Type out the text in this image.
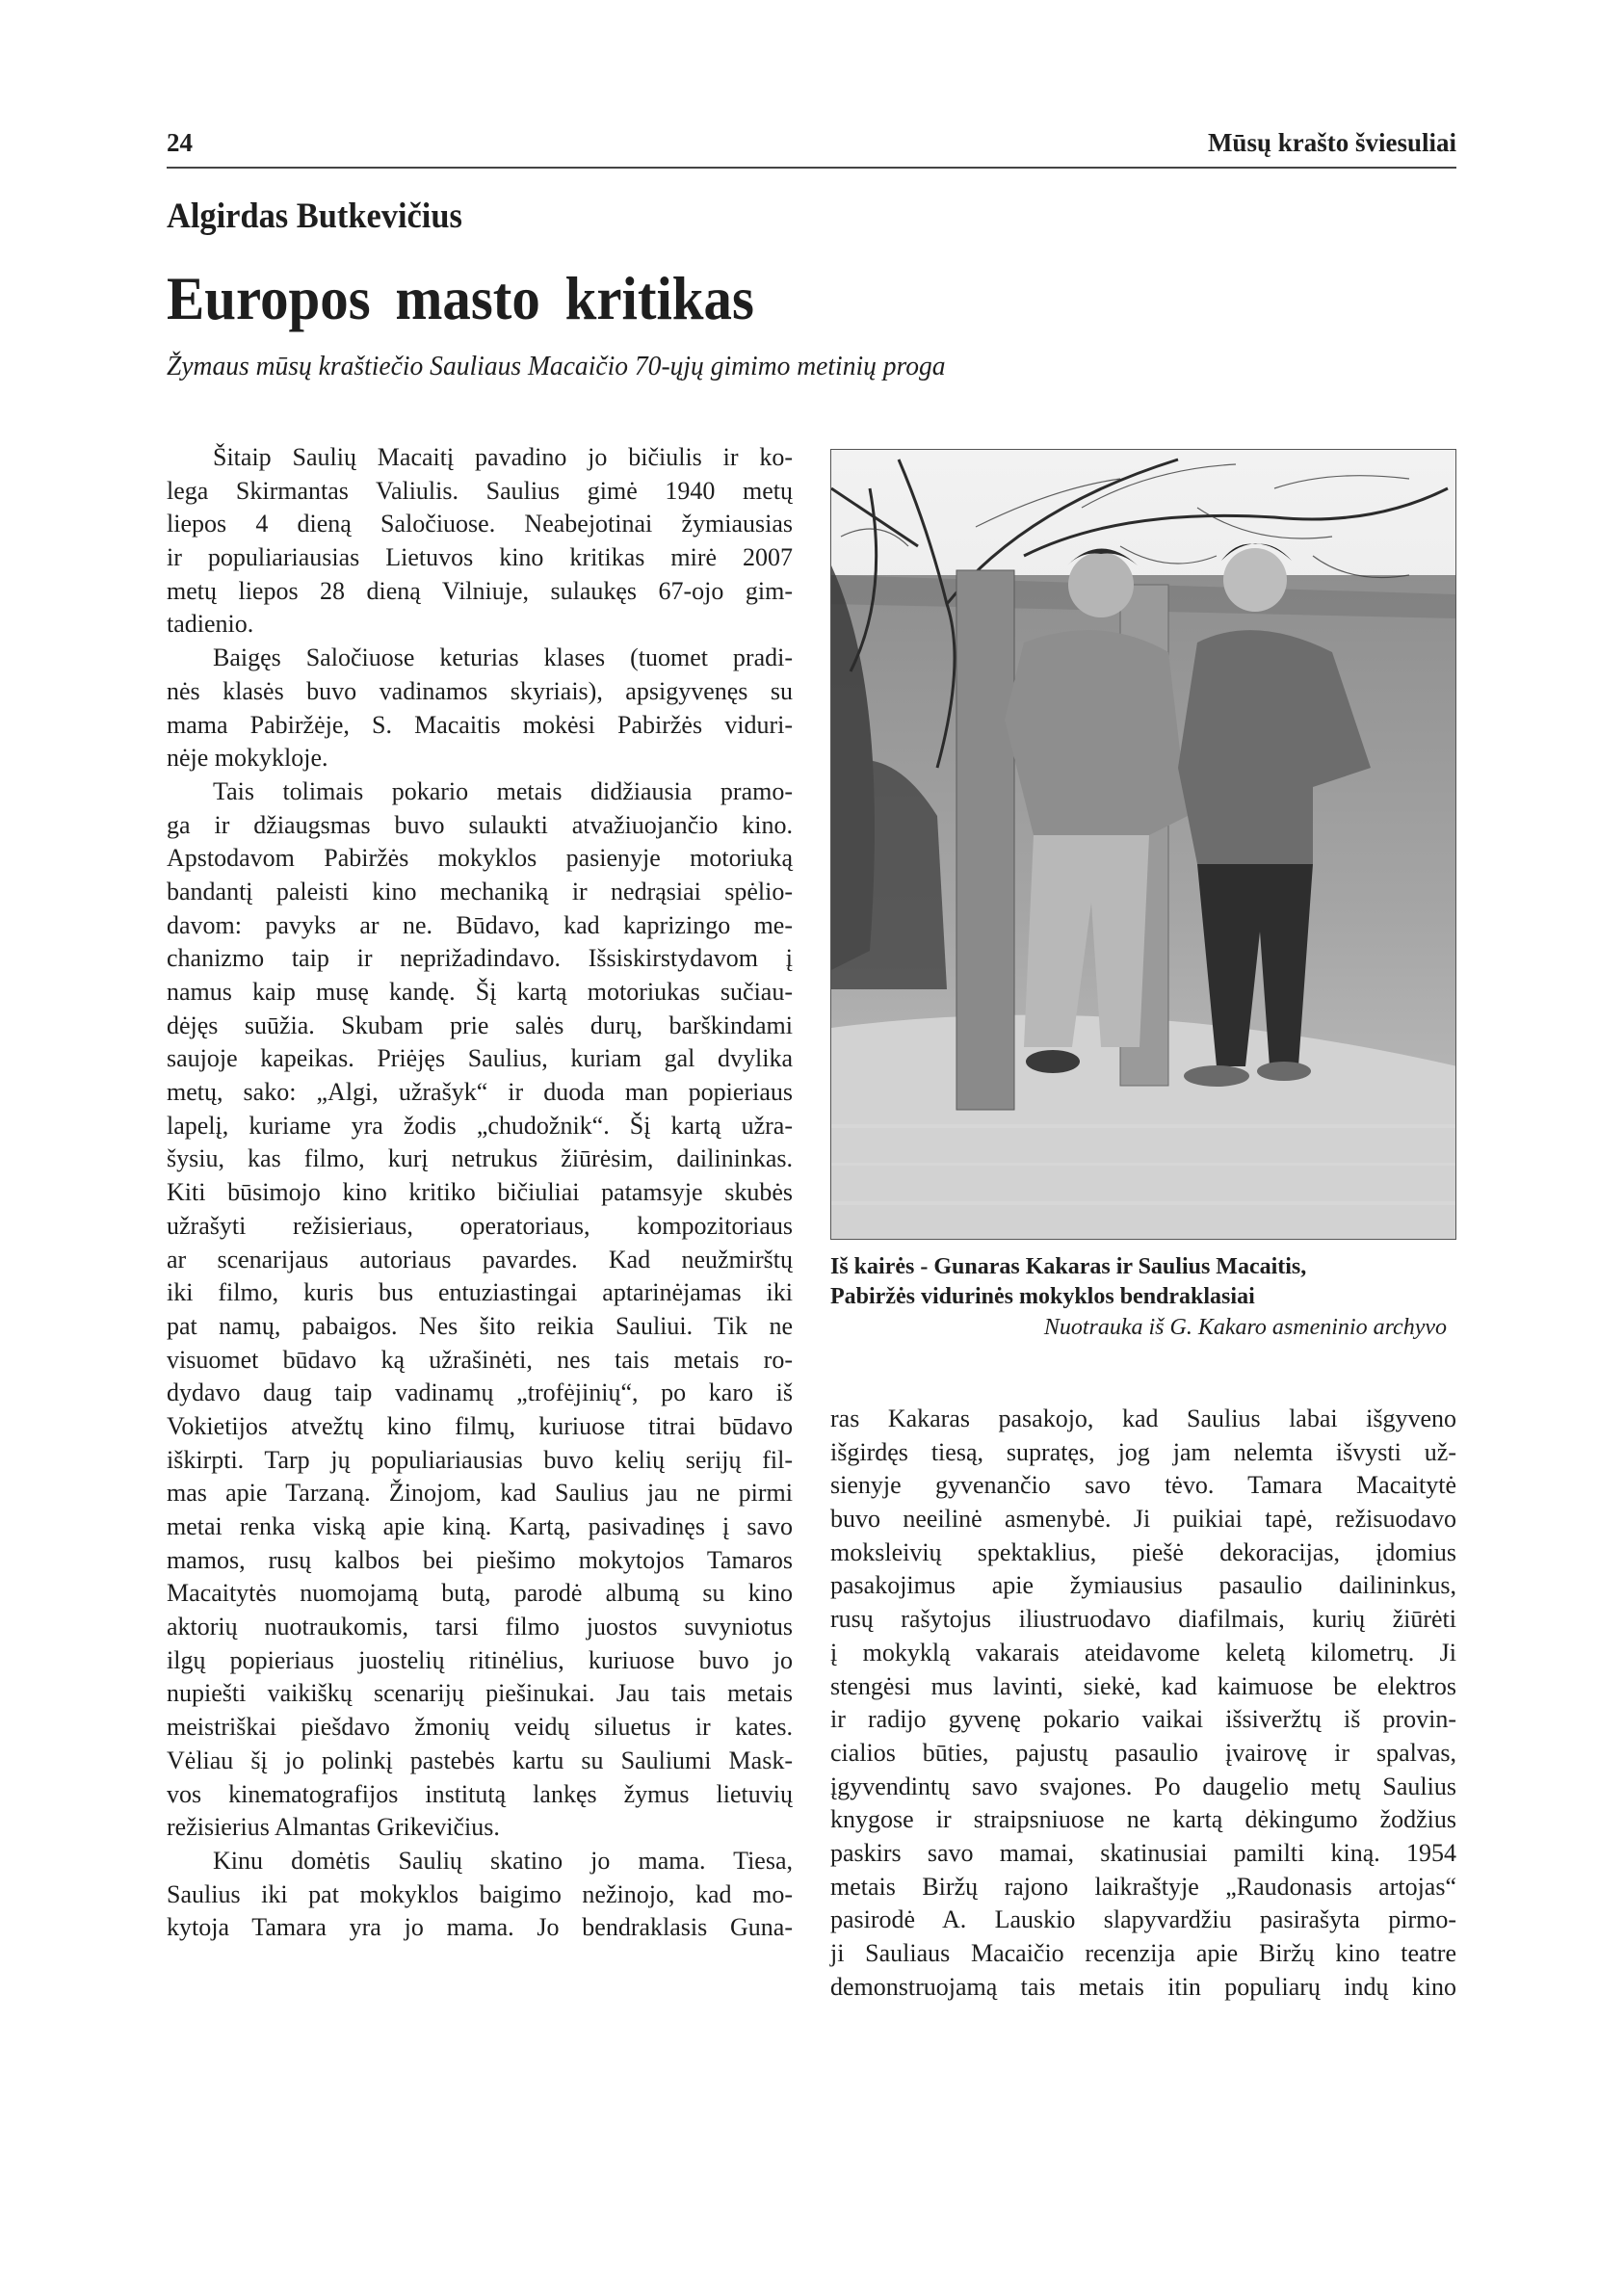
24	Mūsų krašto šviesuliai
Algirdas Butkevičius
Europos masto kritikas
Žymaus mūsų kraštiečio Sauliaus Macaičio 70-ųjų gimimo metinių proga
Šitaip Saulių Macaitį pavadino jo bičiulis ir ko-
lega Skirmantas Valiulis. Saulius gimė 1940 metų
liepos 4 dieną Saločiuose. Neabejotinai žymiausias
ir populiariausias Lietuvos kino kritikas mirė 2007
metų liepos 28 dieną Vilniuje, sulaukęs 67-ojo gim-
tadienio.
Baigęs Saločiuose keturias klases (tuomet pradi-
nės klasės buvo vadinamos skyriais), apsigyvenęs su
mama Pabiržėje, S. Macaitis mokėsi Pabiržės viduri-
nėje mokykloje.
Tais tolimais pokario metais didžiausia pramo-
ga ir džiaugsmas buvo sulaukti atvažiuojančio kino.
Apstodavom Pabiržės mokyklos pasienyje motoriuką
bandantį paleisti kino mechaniką ir nedrąsiai spėlio-
davom: pavyks ar ne. Būdavo, kad kaprizingo me-
chanizmo taip ir neprižadindavo. Išsiskirstydavom į
namus kaip musę kandę. Šį kartą motoriukas sučiau-
dėjęs suūžia. Skubam prie salės durų, barškindami
saujoje kapeikas. Priėjęs Saulius, kuriam gal dvylika
metų, sako: „Algi, užrašyk“ ir duoda man popieriaus
lapelį, kuriame yra žodis „chudožnik“. Šį kartą užra-
šysiu, kas filmo, kurį netrukus žiūrėsim, dailininkas.
Kiti būsimojo kino kritiko bičiuliai patamsyje skubės
užrašyti režisieriaus, operatoriaus, kompozitoriaus
ar scenarijaus autoriaus pavardes. Kad neužmirštų
iki filmo, kuris bus entuziastingai aptarinėjamas iki
pat namų, pabaigos. Nes šito reikia Sauliui. Tik ne
visuomet būdavo ką užrašinėti, nes tais metais ro-
dydavo daug taip vadinamų „trofėjinių“, po karo iš
Vokietijos atvežtų kino filmų, kuriuose titrai būdavo
iškirpti. Tarp jų populiariausias buvo kelių serijų fil-
mas apie Tarzaną. Žinojom, kad Saulius jau ne pirmi
metai renka viską apie kiną. Kartą, pasivadinęs į savo
mamos, rusų kalbos bei piešimo mokytojos Tamaros
Macaitytės nuomojamą butą, parodė albumą su kino
aktorių nuotraukomis, tarsi filmo juostos suvyniotus
ilgų popieriaus juostelių ritinėlius, kuriuose buvo jo
nupiešti vaikiškų scenarijų piešinukai. Jau tais metais
meistriškai piešdavo žmonių veidų siluetus ir kates.
Vėliau šį jo polinkį pastebės kartu su Sauliumi Mask-
vos kinematografijos institutą lankęs žymus lietuvių
režisierius Almantas Grikevičius.
Kinu domėtis Saulių skatino jo mama. Tiesa,
Saulius iki pat mokyklos baigimo nežinojo, kad mo-
kytoja Tamara yra jo mama. Jo bendraklasis Guna-
Iš kairės - Gunaras Kakaras ir Saulius Macaitis,
Pabiržės vidurinės mokyklos bendraklasiai
Nuotrauka iš G. Kakaro asmeninio archyvo
ras Kakaras pasakojo, kad Saulius labai išgyveno
išgirdęs tiesą, supratęs, jog jam nelemta išvysti už-
sienyje gyvenančio savo tėvo. Tamara Macaitytė
buvo neeilinė asmenybė. Ji puikiai tapė, režisuodavo
moksleivių spektaklius, piešė dekoracijas, įdomius
pasakojimus apie žymiausius pasaulio dailininkus,
rusų rašytojus iliustruodavo diafilmais, kurių žiūrėti
į mokyklą vakarais ateidavome keletą kilometrų. Ji
stengėsi mus lavinti, siekė, kad kaimuose be elektros
ir radijo gyvenę pokario vaikai išsiveržtų iš provin-
cialios būties, pajustų pasaulio įvairovę ir spalvas,
įgyvendintų savo svajones. Po daugelio metų Saulius
knygose ir straipsniuose ne kartą dėkingumo žodžius
paskirs savo mamai, skatinusiai pamilti kiną. 1954
metais Biržų rajono laikraštyje „Raudonasis artojas“
pasirodė A. Lauskio slapyvardžiu pasirašyta pirmo-
ji Sauliaus Macaičio recenzija apie Biržų kino teatre
demonstruojamą tais metais itin populiarų indų kino
